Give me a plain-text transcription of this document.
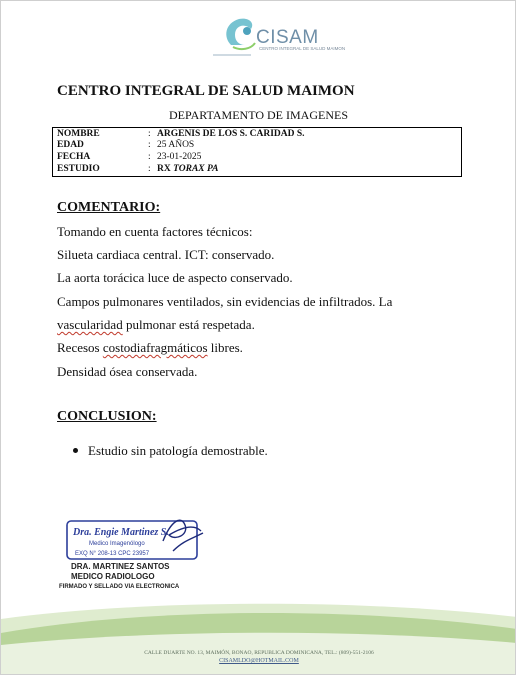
CISAM
CENTRO INTEGRAL DE SALUD MAIMON
CENTRO INTEGRAL DE SALUD MAIMON
DEPARTAMENTO DE IMAGENES
NOMBRE	: ARGENIS DE LOS S. CARIDAD S.
EDAD	: 25 AÑOS
FECHA	: 23-01-2025
ESTUDIO	: RX TORAX PA
COMENTARIO:
Tomando en cuenta factores técnicos:
Silueta cardiaca central. ICT: conservado.
La aorta torácica luce de aspecto conservado.
Campos pulmonares ventilados, sin evidencias de infiltrados. La
vascularidad pulmonar está respetada.
Recesos costodiafragmáticos libres.
Densidad ósea conservada.
CONCLUSION:
Estudio sin patología demostrable.
Dra. Engie Martinez S.
Medico Imagenólogo
EXQ N° 208-13 CPC 23957
DRA. MARTINEZ SANTOS
MEDICO RADIOLOGO
FIRMADO Y SELLADO VIA ELECTRONICA
CALLE DUARTE NO. 13, MAIMÓN, BONAO, REPUBLICA DOMINICANA, TEL.: (809)-551-2106
CISAMLDO@HOTMAIL.COM
